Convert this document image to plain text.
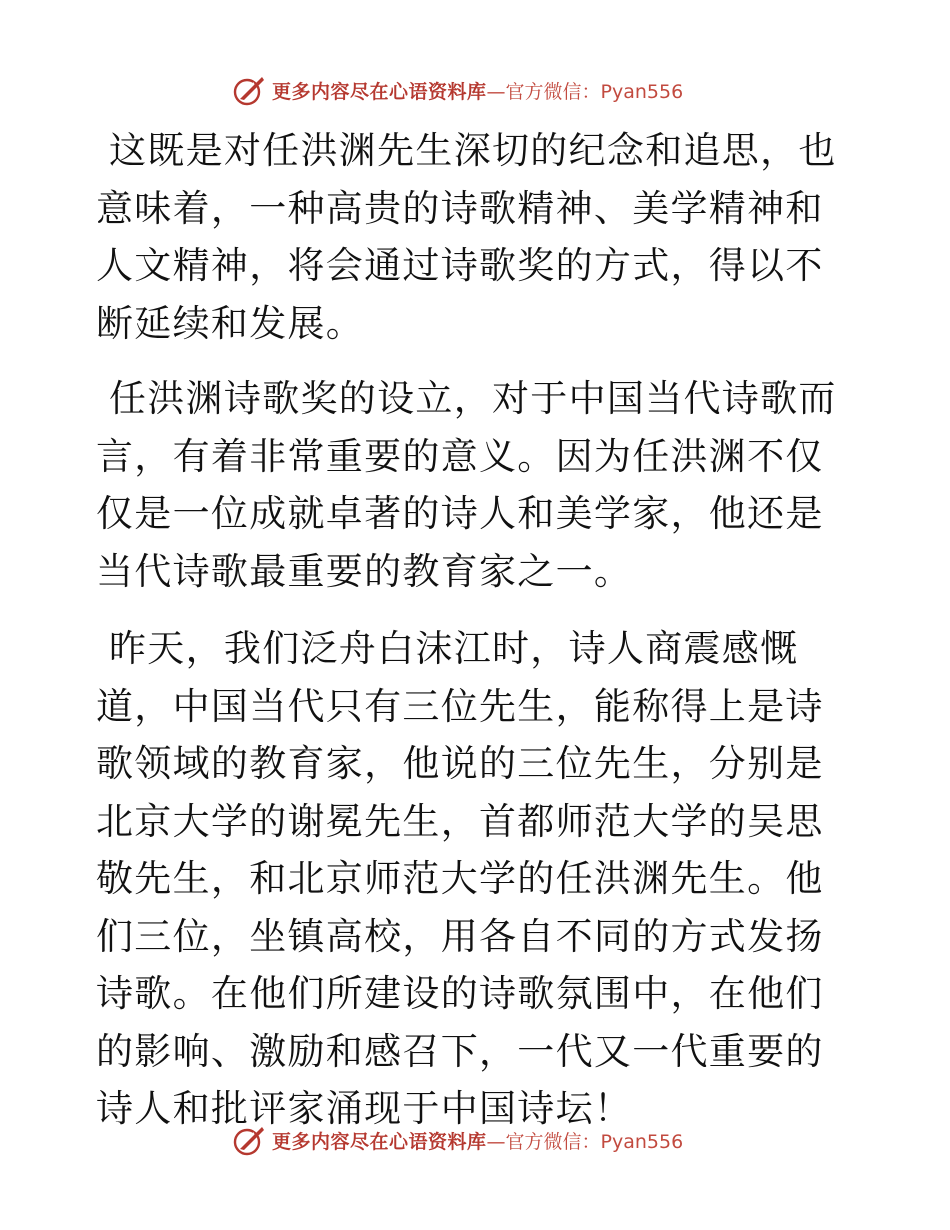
更多内容尽在心语资料库 —官方微信：Pyan556

这既是对任洪渊先生深切的纪念和追思，也意味着，一种高贵的诗歌精神、美学精神和人文精神，将会通过诗歌奖的方式，得以不断延续和发展。

任洪渊诗歌奖的设立，对于中国当代诗歌而言，有着非常重要的意义。因为任洪渊不仅仅是一位成就卓著的诗人和美学家，他还是当代诗歌最重要的教育家之一。

昨天，我们泛舟白沫江时，诗人商震感慨道，中国当代只有三位先生，能称得上是诗歌领域的教育家，他说的三位先生，分别是北京大学的谢冕先生，首都师范大学的吴思敬先生，和北京师范大学的任洪渊先生。他们三位，坐镇高校，用各自不同的方式发扬诗歌。在他们所建设的诗歌氛围中，在他们的影响、激励和感召下，一代又一代重要的诗人和批评家涌现于中国诗坛！

更多内容尽在心语资料库 —官方微信：Pyan556
